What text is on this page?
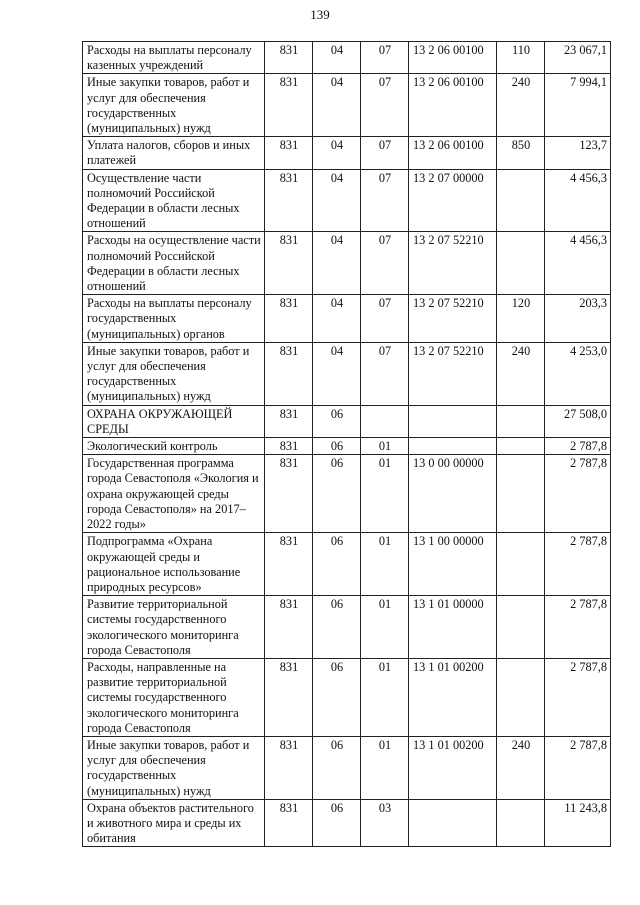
139
Расходы на выплаты персоналу казенных учреждений	831	04	07	13 2 06 00100	110	23 067,1
Иные закупки товаров, работ и услуг для обеспечения государственных (муниципальных) нужд	831	04	07	13 2 06 00100	240	7 994,1
Уплата налогов, сборов и иных платежей	831	04	07	13 2 06 00100	850	123,7
Осуществление части полномочий Российской Федерации в области лесных отношений	831	04	07	13 2 07 00000		4 456,3
Расходы на осуществление части полномочий Российской Федерации в области лесных отношений	831	04	07	13 2 07 52210		4 456,3
Расходы на выплаты персоналу государственных (муниципальных) органов	831	04	07	13 2 07 52210	120	203,3
Иные закупки товаров, работ и услуг для обеспечения государственных (муниципальных) нужд	831	04	07	13 2 07 52210	240	4 253,0
ОХРАНА ОКРУЖАЮЩЕЙ СРЕДЫ	831	06				27 508,0
Экологический контроль	831	06	01			2 787,8
Государственная программа города Севастополя «Экология и охрана окружающей среды города Севастополя» на 2017–2022 годы»	831	06	01	13 0 00 00000		2 787,8
Подпрограмма «Охрана окружающей среды и рациональное использование природных ресурсов»	831	06	01	13 1 00 00000		2 787,8
Развитие территориальной системы государственного экологического мониторинга города Севастополя	831	06	01	13 1 01 00000		2 787,8
Расходы, направленные на развитие территориальной системы государственного экологического мониторинга города Севастополя	831	06	01	13 1 01 00200		2 787,8
Иные закупки товаров, работ и услуг для обеспечения государственных (муниципальных) нужд	831	06	01	13 1 01 00200	240	2 787,8
Охрана объектов растительного и животного мира и среды их обитания	831	06	03			11 243,8
